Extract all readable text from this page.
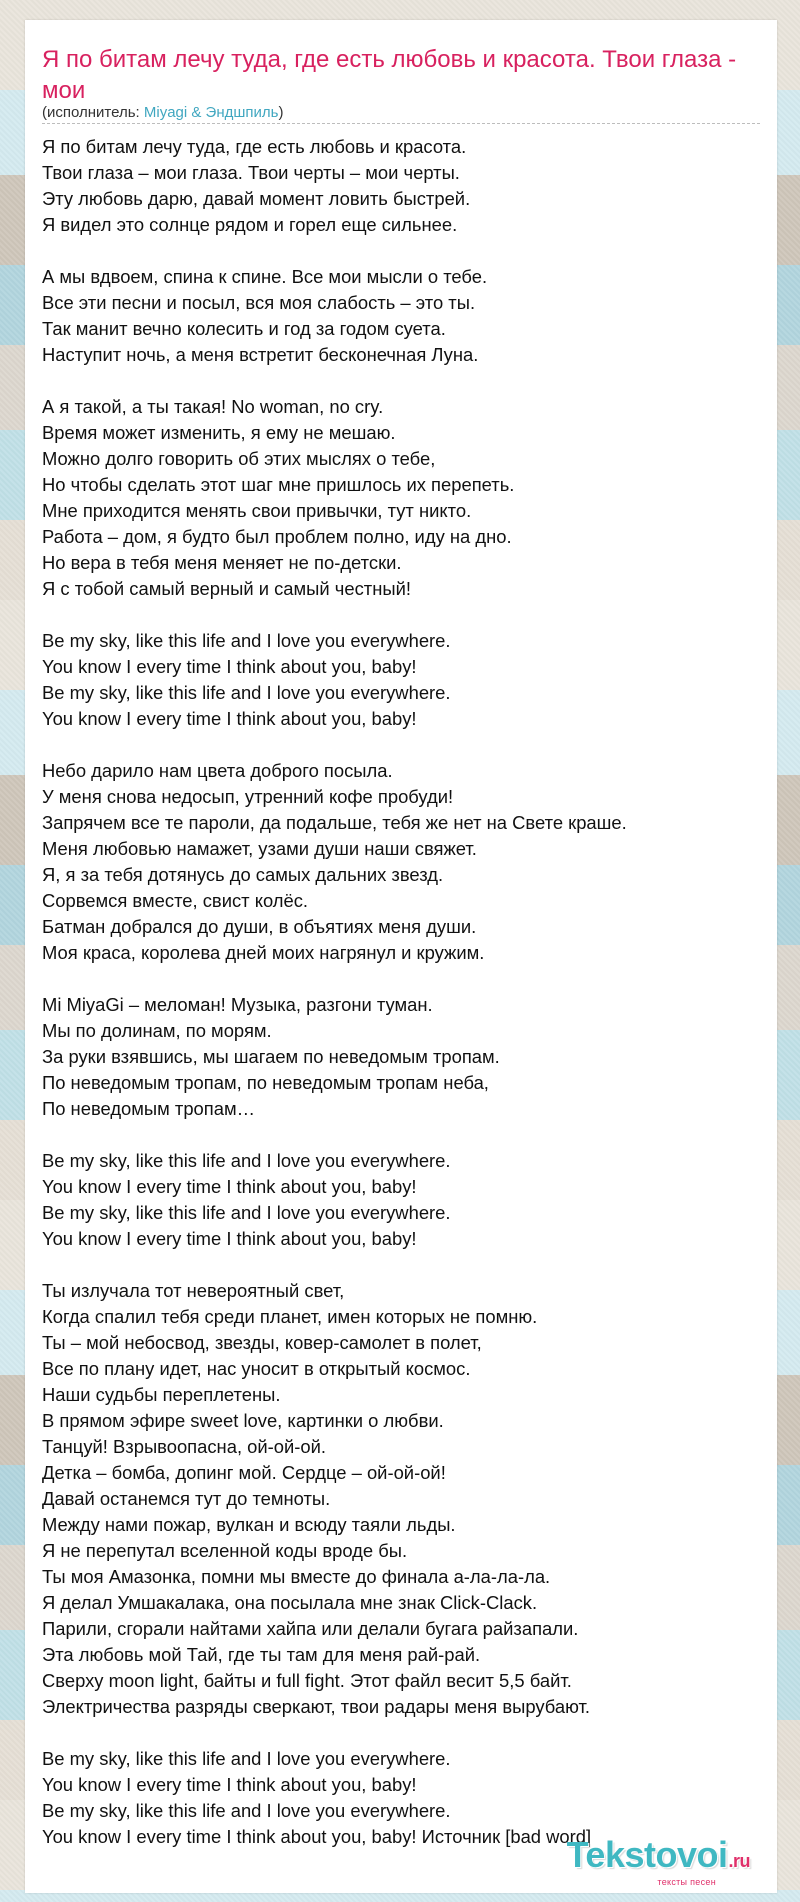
Я по битам лечу туда, где есть любовь и красота. Твои глаза - мои
(исполнитель: Miyagi & Эндшпиль)
Я по битам лечу туда, где есть любовь и красота.
Твои глаза – мои глаза. Твои черты – мои черты.
Эту любовь дарю, давай момент ловить быстрей.
Я видел это солнце рядом и горел еще сильнее.

А мы вдвоем, спина к спине. Все мои мысли о тебе.
Все эти песни и посыл, вся моя слабость – это ты.
Так манит вечно колесить и год за годом суета.
Наступит ночь, а меня встретит бесконечная Луна.

А я такой, а ты такая! No woman, no cry.
Время может изменить, я ему не мешаю.
Можно долго говорить об этих мыслях о тебе,
Но чтобы сделать этот шаг мне пришлось их перепеть.
Мне приходится менять свои привычки, тут никто.
Работа – дом, я будто был проблем полно, иду на дно.
Но вера в тебя меня меняет не по-детски.
Я с тобой самый верный и самый честный!

Be my sky, like this life and I love you everywhere.
You know I every time I think about you, baby!
Be my sky, like this life and I love you everywhere.
You know I every time I think about you, baby!

Небо дарило нам цвета доброго посыла.
У меня снова недосып, утренний кофе пробуди!
Запрячем все те пароли, да подальше, тебя же нет на Свете краше.
Меня любовью намажет, узами души наши свяжет.
Я, я за тебя дотянусь до самых дальних звезд.
Сорвемся вместе, свист колёс.
Батман добрался до души, в объятиях меня души.
Моя краса, королева дней моих нагрянул и кружим.

Mi MiyaGi – меломан! Музыка, разгони туман.
Мы по долинам, по морям.
За руки взявшись, мы шагаем по неведомым тропам.
По неведомым тропам, по неведомым тропам неба,
По неведомым тропам…

Be my sky, like this life and I love you everywhere.
You know I every time I think about you, baby!
Be my sky, like this life and I love you everywhere.
You know I every time I think about you, baby!

Ты излучала тот невероятный свет,
Когда спалил тебя среди планет, имен которых не помню.
Ты – мой небосвод, звезды, ковер-самолет в полет,
Все по плану идет, нас уносит в открытый космос.
Наши судьбы переплетены.
В прямом эфире sweet love, картинки о любви.
Танцуй! Взрывоопасна, ой-ой-ой.
Детка – бомба, допинг мой. Сердце – ой-ой-ой!
Давай останемся тут до темноты.
Между нами пожар, вулкан и всюду таяли льды.
Я не перепутал вселенной коды вроде бы.
Ты моя Амазонка, помни мы вместе до финала а-ла-ла-ла.
Я делал Умшакалака, она посылала мне знак Click-Clack.
Парили, сгорали найтами хайпа или делали бугага райзапали.
Эта любовь мой Тай, где ты там для меня рай-рай.
Сверху moon light, байты и full fight. Этот файл весит 5,5 байт.
Электричества разряды сверкают, твои радары меня вырубают.

Be my sky, like this life and I love you everywhere.
You know I every time I think about you, baby!
Be my sky, like this life and I love you everywhere.
You know I every time I think about you, baby! Источник [bad word]
Tekstovoi.ru
тексты песен
